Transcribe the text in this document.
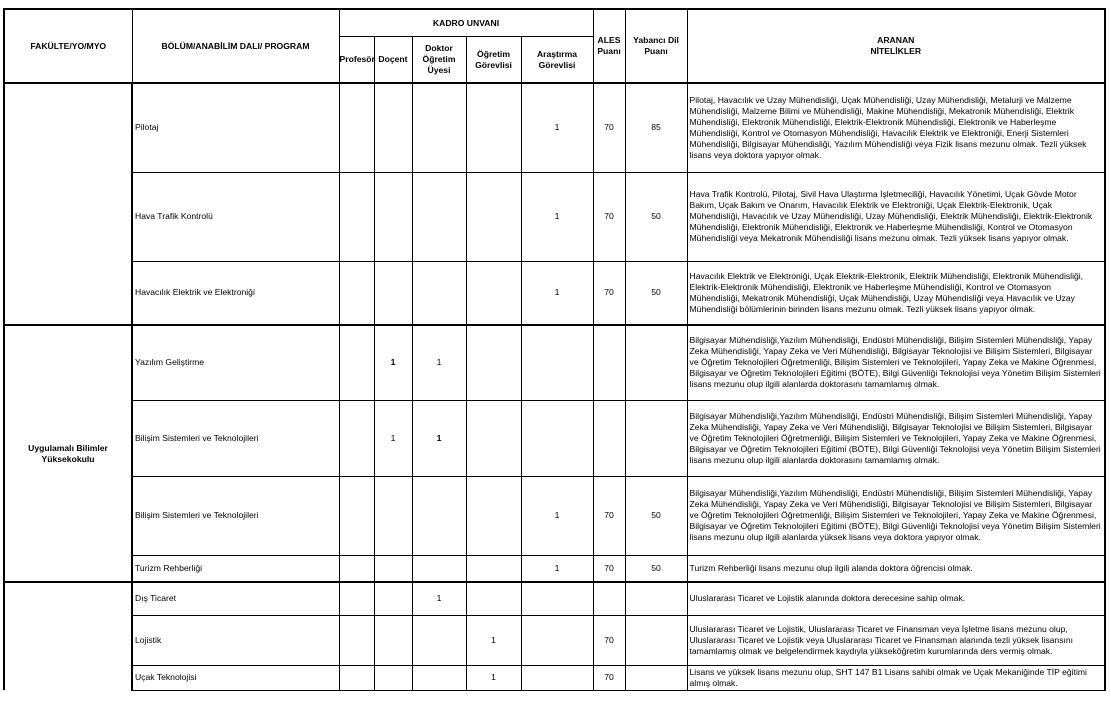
FAKÜLTE/YO/MYO	BÖLÜM/ANABİLİM DALI/ PROGRAM	KADRO UNVANI					ALES Puanı	Yabancı Dil Puanı	ARANAN
NİTELİKLER
		Profesör	Doçent	Doktor Öğretim Üyesi	Öğretim Görevlisi	Araştırma Görevlisi			
	Pilotaj					1	70	85	Pilotaj, Havacılık ve Uzay Mühendisliği, Uçak Mühendisliği, Uzay Mühendisliği, Metalurji ve Malzeme Mühendisliği, Malzeme Bilimi ve Mühendisliği, Makine Mühendisliği, Mekatronik Mühendisliği, Elektrik Mühendisliği, Elektronik Mühendisliği, Elektrik-Elektronik Mühendisliği, Elektronik ve Haberleşme Mühendisliği, Kontrol ve Otomasyon Mühendisliği, Havacılık Elektrik ve Elektroniği, Enerji Sistemleri Mühendisliği, Bilgisayar Mühendisliği, Yazılım Mühendisliği veya Fizik lisans mezunu olmak. Tezli yüksek lisans veya doktora yapıyor olmak.
	Hava Trafik Kontrolü					1	70	50	Hava Trafik Kontrolü, Pilotaj, Sivil Hava Ulaştırma İşletmeciliği, Havacılık Yönetimi, Uçak Gövde Motor Bakım, Uçak Bakım ve Onarım, Havacılık Elektrik ve Elektroniği, Uçak Elektrik-Elektronik, Uçak Mühendisliği, Havacılık ve Uzay Mühendisliği, Uzay Mühendisliği, Elektrik Mühendisliği, Elektrik-Elektronik Mühendisliği, Elektronik Mühendisliği, Elektronik ve Haberleşme Mühendisliği, Kontrol ve Otomasyon Mühendisliği veya Mekatronik Mühendisliği lisans mezunu olmak. Tezli yüksek lisans yapıyor olmak.
	Havacılık Elektrik ve Elektroniği					1	70	50	Havacılık Elektrik ve Elektroniği, Uçak Elektrik-Elektronik, Elektrik Mühendisliği, Elektronik Mühendisliği, Elektrik-Elektronik Mühendisliği, Elektronik ve Haberleşme Mühendisliği, Kontrol ve Otomasyon Mühendisliği, Mekatronik Mühendisliği, Uçak Mühendisliği, Uzay Mühendisliği veya Havacılık ve Uzay Mühendisliği bölümlerinin birinden lisans mezunu olmak. Tezli yüksek lisans yapıyor olmak.
Uygulamalı Bilimler Yüksekokulu	Yazılım Geliştirme		1	1					Bilgisayar Mühendisliği,Yazılım Mühendisliği, Endüstri Mühendisliği, Bilişim Sistemleri Mühendisliği, Yapay Zeka Mühendisliği, Yapay Zeka ve Veri Mühendisliği, Bilgisayar Teknolojisi ve Bilişim Sistemleri, Bilgisayar ve Öğretim Teknolojileri Öğretmenliği, Bilişim Sistemleri ve Teknolojileri, Yapay Zeka ve Makine Öğrenmesi, Bilgisayar ve Öğretim Teknolojileri Eğitimi (BÖTE), Bilgi Güvenliği Teknolojisi veya Yönetim Bilişim Sistemleri lisans mezunu olup ilgili alanlarda doktorasını tamamlamış olmak.
	Bilişim Sistemleri ve Teknolojileri		1	1					Bilgisayar Mühendisliği,Yazılım Mühendisliği, Endüstri Mühendisliği, Bilişim Sistemleri Mühendisliği, Yapay Zeka Mühendisliği, Yapay Zeka ve Veri Mühendisliği, Bilgisayar Teknolojisi ve Bilişim Sistemleri, Bilgisayar ve Öğretim Teknolojileri Öğretmenliği, Bilişim Sistemleri ve Teknolojileri, Yapay Zeka ve Makine Öğrenmesi, Bilgisayar ve Öğretim Teknolojileri Eğitimi (BÖTE), Bilgi Güvenliği Teknolojisi veya Yönetim Bilişim Sistemleri lisans mezunu olup ilgili alanlarda doktorasını tamamlamış olmak.
	Bilişim Sistemleri ve Teknolojileri					1	70	50	Bilgisayar Mühendisliği,Yazılım Mühendisliği, Endüstri Mühendisliği, Bilişim Sistemleri Mühendisliği, Yapay Zeka Mühendisliği, Yapay Zeka ve Veri Mühendisliği, Bilgisayar Teknolojisi ve Bilişim Sistemleri, Bilgisayar ve Öğretim Teknolojileri Öğretmenliği, Bilişim Sistemleri ve Teknolojileri, Yapay Zeka ve Makine Öğrenmesi, Bilgisayar ve Öğretim Teknolojileri Eğitimi (BÖTE), Bilgi Güvenliği Teknolojisi veya Yönetim Bilişim Sistemleri lisans mezunu olup ilgili alanlarda yüksek lisans veya doktora yapıyor olmak.
	Turizm Rehberliği					1	70	50	Turizm Rehberliği lisans mezunu olup ilgili alanda doktora öğrencisi olmak.
	Dış Ticaret			1					Uluslararası Ticaret ve Lojistik alanında doktora derecesine sahip olmak.
	Lojistik				1		70		Uluslararası Ticaret ve Lojistik, Uluslararası Ticaret ve Finansman veya İşletme lisans mezunu olup, Uluslararası Ticaret ve Lojistik veya Uluslararası Ticaret ve Finansman alanında tezli yüksek lisansını tamamlamış olmak ve belgelendirmek kaydıyla yükseköğretim kurumlarında ders vermiş olmak.
	Uçak Teknolojisi				1		70		Lisans ve yüksek lisans mezunu olup, SHT 147 B1 Lisans sahibi olmak ve Uçak Mekaniğinde TİP eğitimi almış olmak.
